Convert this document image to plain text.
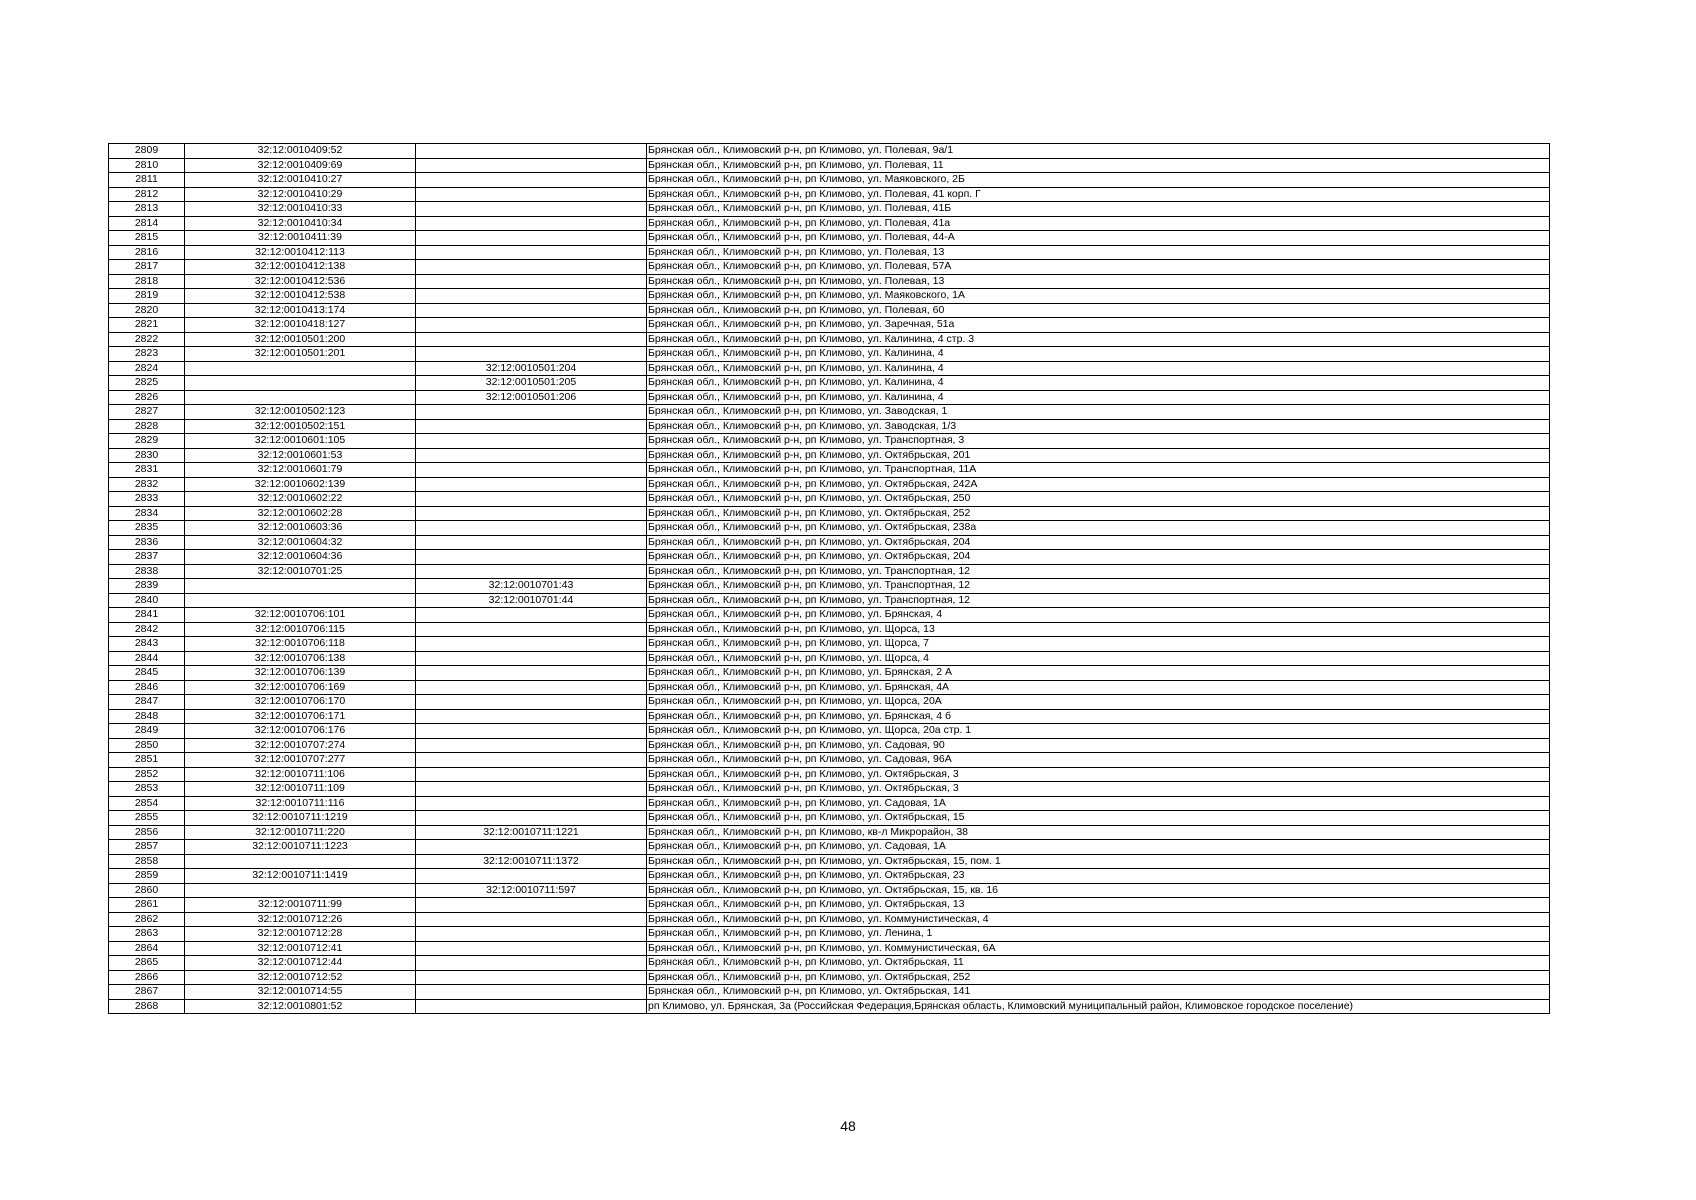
2809	32:12:0010409:52		Брянская обл., Климовский р-н, рп Климово, ул. Полевая, 9а/1
2810	32:12:0010409:69		Брянская обл., Климовский р-н, рп Климово, ул. Полевая, 11
2811	32:12:0010410:27		Брянская обл., Климовский р-н, рп Климово, ул. Маяковского, 2Б
2812	32:12:0010410:29		Брянская обл., Климовский р-н, рп Климово, ул. Полевая, 41 корп. Г
2813	32:12:0010410:33		Брянская обл., Климовский р-н, рп Климово, ул. Полевая, 41Б
2814	32:12:0010410:34		Брянская обл., Климовский р-н, рп Климово, ул. Полевая, 41а
2815	32:12:0010411:39		Брянская обл., Климовский р-н, рп Климово, ул. Полевая, 44-А
2816	32:12:0010412:113		Брянская обл., Климовский р-н, рп Климово, ул. Полевая, 13
2817	32:12:0010412:138		Брянская обл., Климовский р-н, рп Климово, ул. Полевая, 57А
2818	32:12:0010412:536		Брянская обл., Климовский р-н, рп Климово, ул. Полевая, 13
2819	32:12:0010412:538		Брянская обл., Климовский р-н, рп Климово, ул. Маяковского, 1А
2820	32:12:0010413:174		Брянская обл., Климовский р-н, рп Климово, ул. Полевая, 60
2821	32:12:0010418:127		Брянская обл., Климовский р-н, рп Климово, ул. Заречная, 51а
2822	32:12:0010501:200		Брянская обл., Климовский р-н, рп Климово, ул. Калинина, 4 стр. 3
2823	32:12:0010501:201		Брянская обл., Климовский р-н, рп Климово, ул. Калинина, 4
2824		32:12:0010501:204	Брянская обл., Климовский р-н, рп Климово, ул. Калинина, 4
2825		32:12:0010501:205	Брянская обл., Климовский р-н, рп Климово, ул. Калинина, 4
2826		32:12:0010501:206	Брянская обл., Климовский р-н, рп Климово, ул. Калинина, 4
2827	32:12:0010502:123		Брянская обл., Климовский р-н, рп Климово, ул. Заводская, 1
2828	32:12:0010502:151		Брянская обл., Климовский р-н, рп Климово, ул. Заводская, 1/3
2829	32:12:0010601:105		Брянская обл., Климовский р-н, рп Климово, ул. Транспортная, 3
2830	32:12:0010601:53		Брянская обл., Климовский р-н, рп Климово, ул. Октябрьская, 201
2831	32:12:0010601:79		Брянская обл., Климовский р-н, рп Климово, ул. Транспортная, 11А
2832	32:12:0010602:139		Брянская обл., Климовский р-н, рп Климово, ул. Октябрьская, 242А
2833	32:12:0010602:22		Брянская обл., Климовский р-н, рп Климово, ул. Октябрьская, 250
2834	32:12:0010602:28		Брянская обл., Климовский р-н, рп Климово, ул. Октябрьская, 252
2835	32:12:0010603:36		Брянская обл., Климовский р-н, рп Климово, ул. Октябрьская, 238а
2836	32:12:0010604:32		Брянская обл., Климовский р-н, рп Климово, ул. Октябрьская, 204
2837	32:12:0010604:36		Брянская обл., Климовский р-н, рп Климово, ул. Октябрьская, 204
2838	32:12:0010701:25		Брянская обл., Климовский р-н, рп Климово, ул. Транспортная, 12
2839		32:12:0010701:43	Брянская обл., Климовский р-н, рп Климово, ул. Транспортная, 12
2840		32:12:0010701:44	Брянская обл., Климовский р-н, рп Климово, ул. Транспортная, 12
2841	32:12:0010706:101		Брянская обл., Климовский р-н, рп Климово, ул. Брянская, 4
2842	32:12:0010706:115		Брянская обл., Климовский р-н, рп Климово, ул. Щорса, 13
2843	32:12:0010706:118		Брянская обл., Климовский р-н, рп Климово, ул. Щорса, 7
2844	32:12:0010706:138		Брянская обл., Климовский р-н, рп Климово, ул. Щорса, 4
2845	32:12:0010706:139		Брянская обл., Климовский р-н, рп Климово, ул. Брянская, 2 А
2846	32:12:0010706:169		Брянская обл., Климовский р-н, рп Климово, ул. Брянская, 4А
2847	32:12:0010706:170		Брянская обл., Климовский р-н, рп Климово, ул. Щорса, 20А
2848	32:12:0010706:171		Брянская обл., Климовский р-н, рп Климово, ул. Брянская, 4 б
2849	32:12:0010706:176		Брянская обл., Климовский р-н, рп Климово, ул. Щорса, 20а стр. 1
2850	32:12:0010707:274		Брянская обл., Климовский р-н, рп Климово, ул. Садовая, 90
2851	32:12:0010707:277		Брянская обл., Климовский р-н, рп Климово, ул. Садовая, 96А
2852	32:12:0010711:106		Брянская обл., Климовский р-н, рп Климово, ул. Октябрьская, 3
2853	32:12:0010711:109		Брянская обл., Климовский р-н, рп Климово, ул. Октябрьская, 3
2854	32:12:0010711:116		Брянская обл., Климовский р-н, рп Климово, ул. Садовая, 1А
2855	32:12:0010711:1219		Брянская обл., Климовский р-н, рп Климово, ул. Октябрьская, 15
2856	32:12:0010711:220	32:12:0010711:1221	Брянская обл., Климовский р-н, рп Климово, кв-л Микрорайон, 38
2857	32:12:0010711:1223		Брянская обл., Климовский р-н, рп Климово, ул. Садовая, 1А
2858		32:12:0010711:1372	Брянская обл., Климовский р-н, рп Климово, ул. Октябрьская, 15, пом. 1
2859	32:12:0010711:1419		Брянская обл., Климовский р-н, рп Климово, ул. Октябрьская, 23
2860		32:12:0010711:597	Брянская обл., Климовский р-н, рп Климово, ул. Октябрьская, 15, кв. 16
2861	32:12:0010711:99		Брянская обл., Климовский р-н, рп Климово, ул. Октябрьская, 13
2862	32:12:0010712:26		Брянская обл., Климовский р-н, рп Климово, ул. Коммунистическая, 4
2863	32:12:0010712:28		Брянская обл., Климовский р-н, рп Климово, ул. Ленина, 1
2864	32:12:0010712:41		Брянская обл., Климовский р-н, рп Климово, ул. Коммунистическая, 6А
2865	32:12:0010712:44		Брянская обл., Климовский р-н, рп Климово, ул. Октябрьская, 11
2866	32:12:0010712:52		Брянская обл., Климовский р-н, рп Климово, ул. Октябрьская, 252
2867	32:12:0010714:55		Брянская обл., Климовский р-н, рп Климово, ул. Октябрьская, 141
2868	32:12:0010801:52		рп Климово, ул. Брянская, 3а (Российская Федерация,Брянская область, Климовский муниципальный район, Климовское городское поселение)
48
